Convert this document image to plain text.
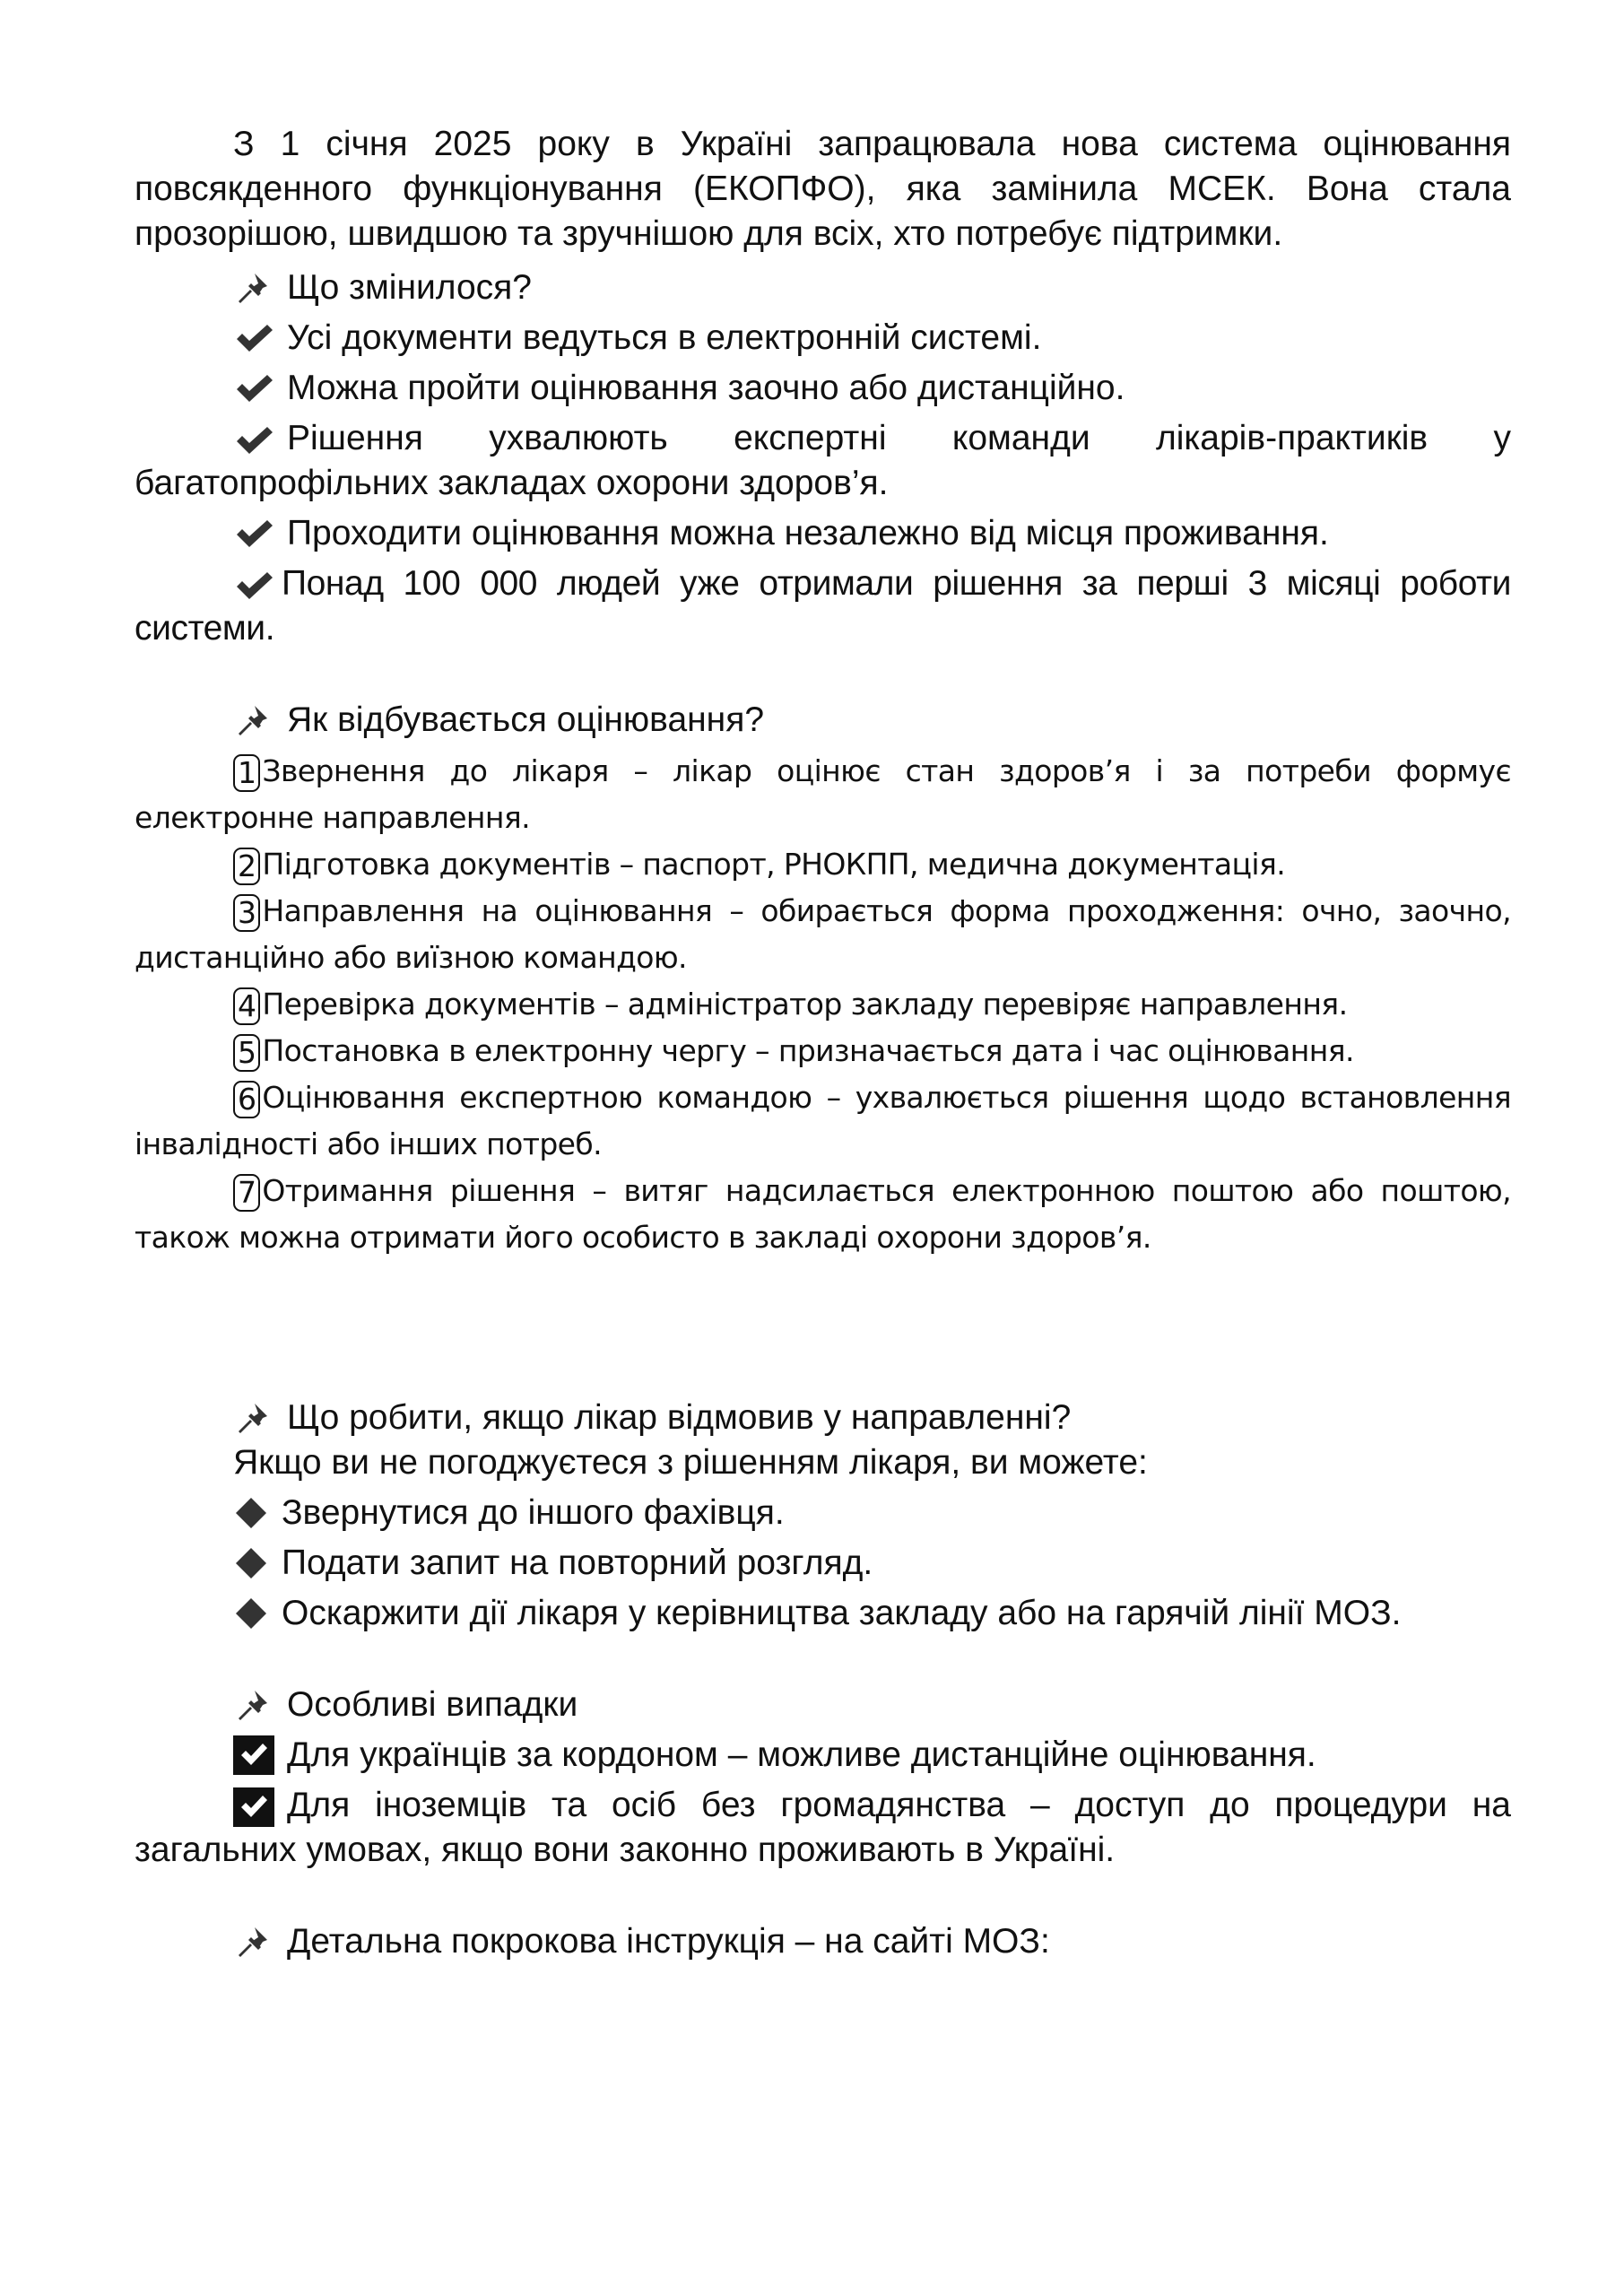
З 1 січня 2025 року в Україні запрацювала нова система оцінювання повсякденного функціонування (ЕКОПФО), яка замінила МСЕК. Вона стала прозорішою, швидшою та зручнішою для всіх, хто потребує підтримки.

Що змінилося?
Усі документи ведуться в електронній системі.
Можна пройти оцінювання заочно або дистанційно.

Рішення ухвалюють експертні команди лікарів-практиків у багатопрофільних закладах охорони здоров’я.

Проходити оцінювання можна незалежно від місця проживання.

Понад 100 000 людей уже отримали рішення за перші 3 місяці роботи системи.

Як відбувається оцінювання?

1 Звернення до лікаря – лікар оцінює стан здоров’я і за потреби формує електронне направлення.

2 Підготовка документів – паспорт, РНОКПП, медична документація.

3 Направлення на оцінювання – обирається форма проходження: очно, заочно, дистанційно або виїзною командою.

4 Перевірка документів – адміністратор закладу перевіряє направлення.

5 Постановка в електронну чергу – призначається дата і час оцінювання.

6 Оцінювання експертною командою – ухвалюється рішення щодо встановлення інвалідності або інших потреб.

7 Отримання рішення – витяг надсилається електронною поштою або поштою, також можна отримати його особисто в закладі охорони здоров’я.

Що робити, якщо лікар відмовив у направленні?
Якщо ви не погоджуєтеся з рішенням лікаря, ви можете:
Звернутися до іншого фахівця.
Подати запит на повторний розгляд.
Оскаржити дії лікаря у керівництва закладу або на гарячій лінії МОЗ.
Особливі випадки
Для українців за кордоном – можливе дистанційне оцінювання.

Для іноземців та осіб без громадянства – доступ до процедури на загальних умовах, якщо вони законно проживають в Україні.

Детальна покрокова інструкція – на сайті МОЗ:
